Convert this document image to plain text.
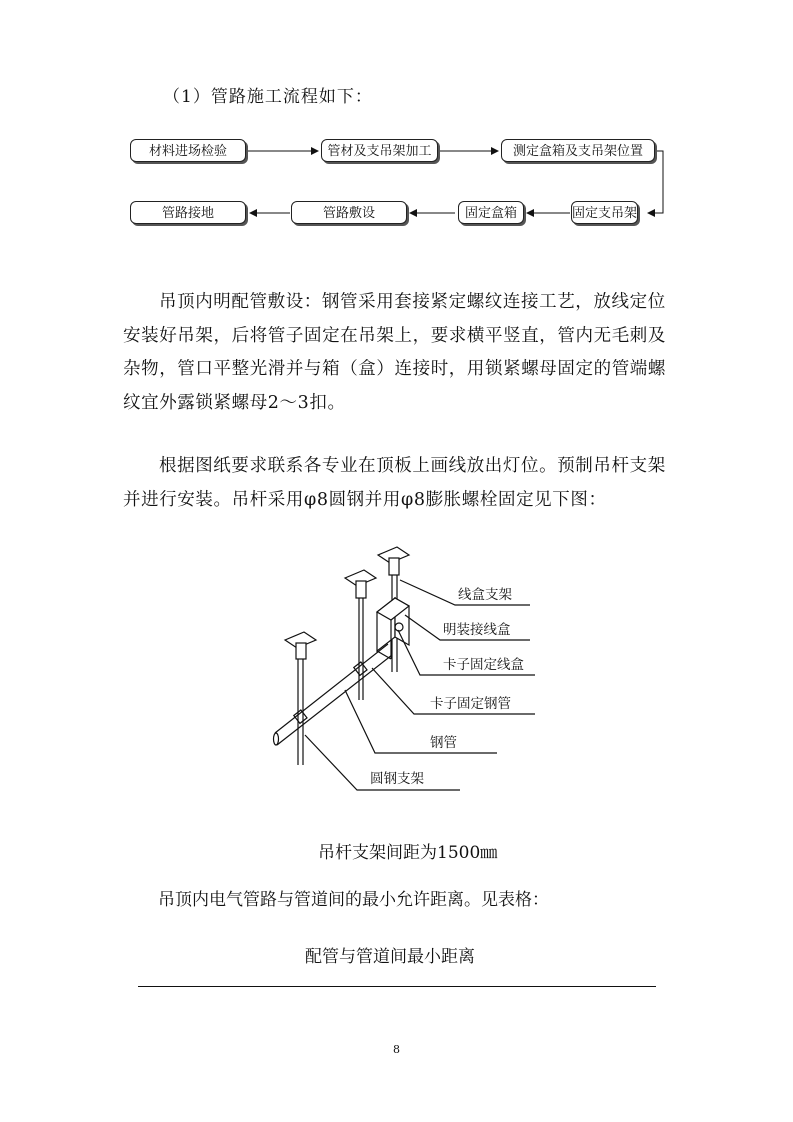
（1）管路施工流程如下：
材料进场检验	管材及支吊架加工	测定盒箱及支吊架位置
固定支吊架
固定盒箱
管路敷设
管路接地
吊顶内明配管敷设：钢管采用套接紧定螺纹连接工艺，放线定位
安装好吊架，后将管子固定在吊架上，要求横平竖直，管内无毛刺及
杂物，管口平整光滑并与箱（盒）连接时，用锁紧螺母固定的管端螺
纹宜外露锁紧螺母2～3扣。
根据图纸要求联系各专业在顶板上画线放出灯位。预制吊杆支架
并进行安装。吊杆采用φ8圆钢并用φ8膨胀螺栓固定见下图：
线盒支架
明装接线盒
卡子固定线盒
卡子固定钢管
钢管
圆钢支架
吊杆支架间距为1500㎜
吊顶内电气管路与管道间的最小允许距离。见表格：
配管与管道间最小距离
8
